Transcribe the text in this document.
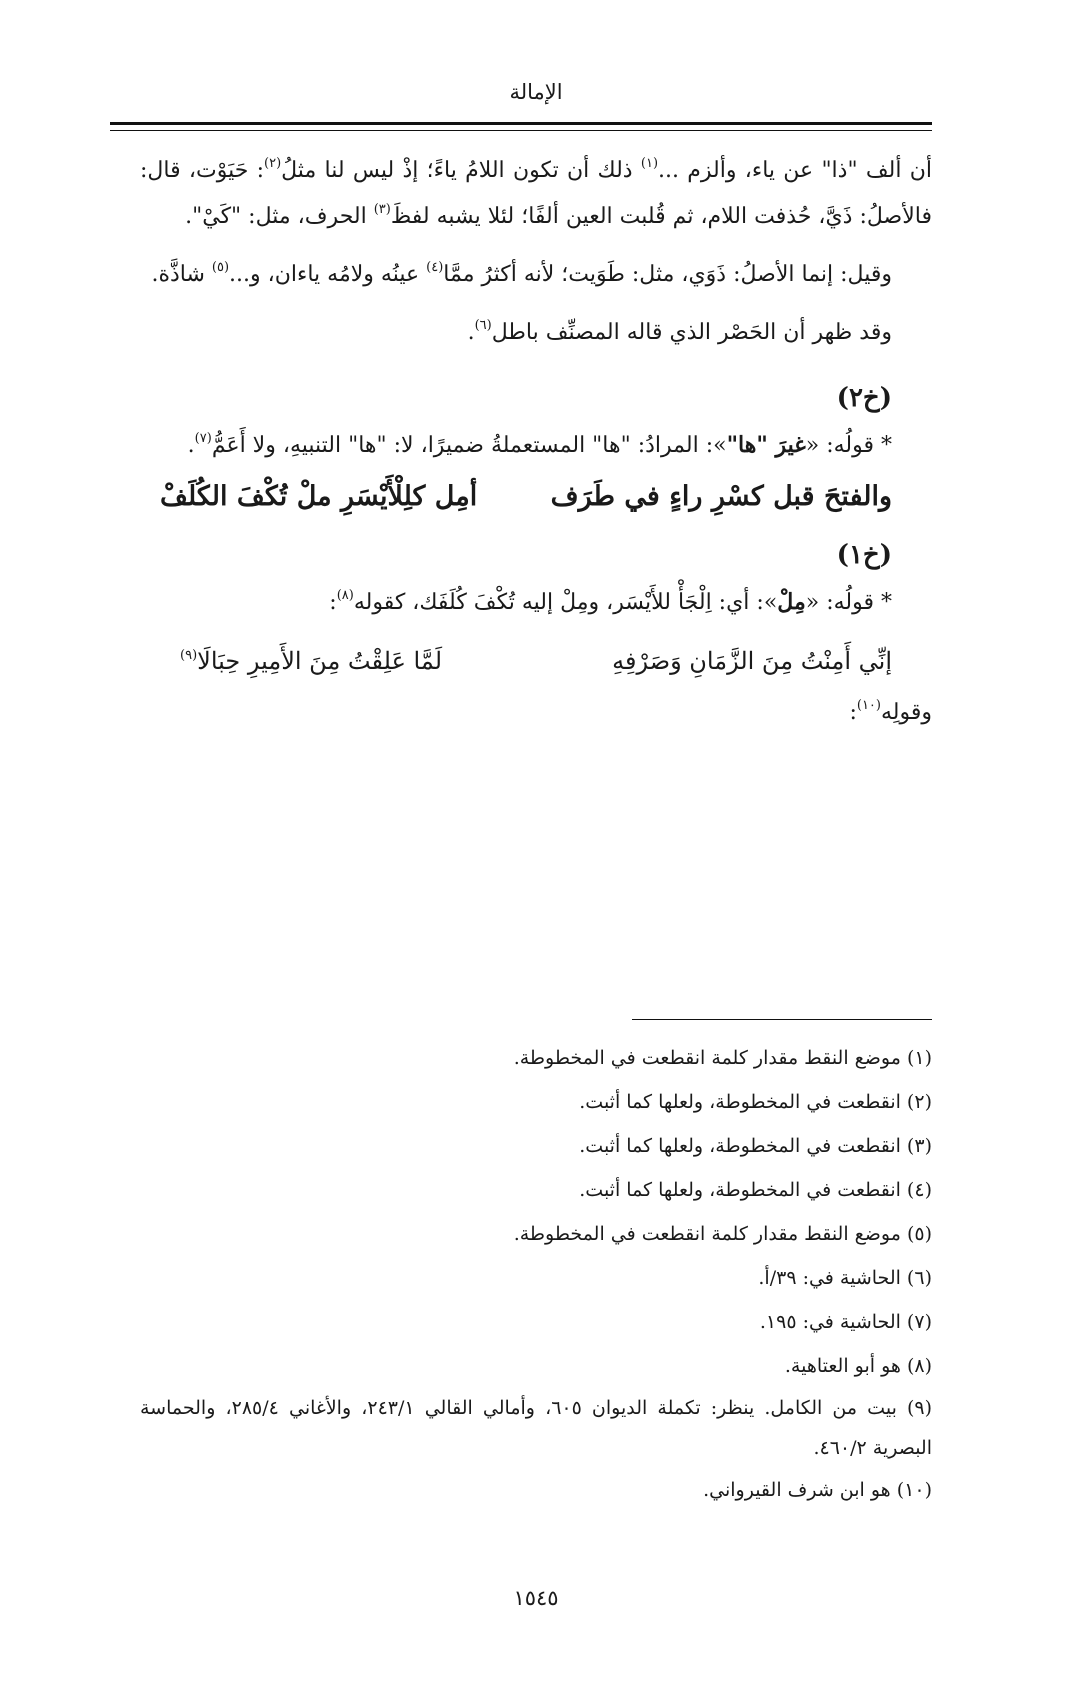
الإمالة

أن ألف "ذا" عن ياء، وألزم ...$^{(١)}$ ذلك أن تكون اللامُ ياءً؛ إذْ ليس لنا مثلُ$^{(٢)}$: حَيَوْت، قال: فالأصلُ: ذَيَّ، حُذفت اللام، ثم قُلبت العين ألفًا؛ لئلا يشبه لفظَ$^{(٣)}$ الحرف، مثل: "كَيْ".

وقيل: إنما الأصلُ: ذَوَي، مثل: طَوَيت؛ لأنه أكثرُ ممَّا$^{(٤)}$ عينُه ولامُه ياءان، و...$^{(٥)}$ شاذَّة.

وقد ظهر أن الحَصْر الذي قاله المصنِّف باطل$^{(٦)}$.

(خ٢)

* قولُه: «غيرَ "ها"»: المرادُ: "ها" المستعملةُ ضميرًا، لا: "ها" التنبيهِ، ولا أَعَمُّ$^{(٧)}$.

والفتحَ قبل كسْرِ راءٍ في طَرَف
أمِل كلِلْأَيْسَرِ ملْ تُكْفَ الكُلَفْ

(خ١)

* قولُه: «مِلْ»: أي: اِلْجَأْ للأَيْسَر، ومِلْ إليه تُكْفَ كُلَفَك، كقوله$^{(٨)}$:

إنِّي أَمِنْتُ مِنَ الزَّمَانِ وَصَرْفِهِ
لَمَّا عَلِقْتُ مِنَ الأَمِيرِ حِبَالَا$^{(٩)}$

وقولِه$^{(١٠)}$:

(١) موضع النقط مقدار كلمة انقطعت في المخطوطة.

(٢) انقطعت في المخطوطة، ولعلها كما أثبت.

(٣) انقطعت في المخطوطة، ولعلها كما أثبت.

(٤) انقطعت في المخطوطة، ولعلها كما أثبت.

(٥) موضع النقط مقدار كلمة انقطعت في المخطوطة.

(٦) الحاشية في: ٣٩/أ.

(٧) الحاشية في: ١٩٥.

(٨) هو أبو العتاهية.

(٩) بيت من الكامل. ينظر: تكملة الديوان ٦٠٥، وأمالي القالي ٢٤٣/١، والأغاني ٢٨٥/٤، والحماسة البصرية ٤٦٠/٢.

(١٠) هو ابن شرف القيرواني.

١٥٤٥
